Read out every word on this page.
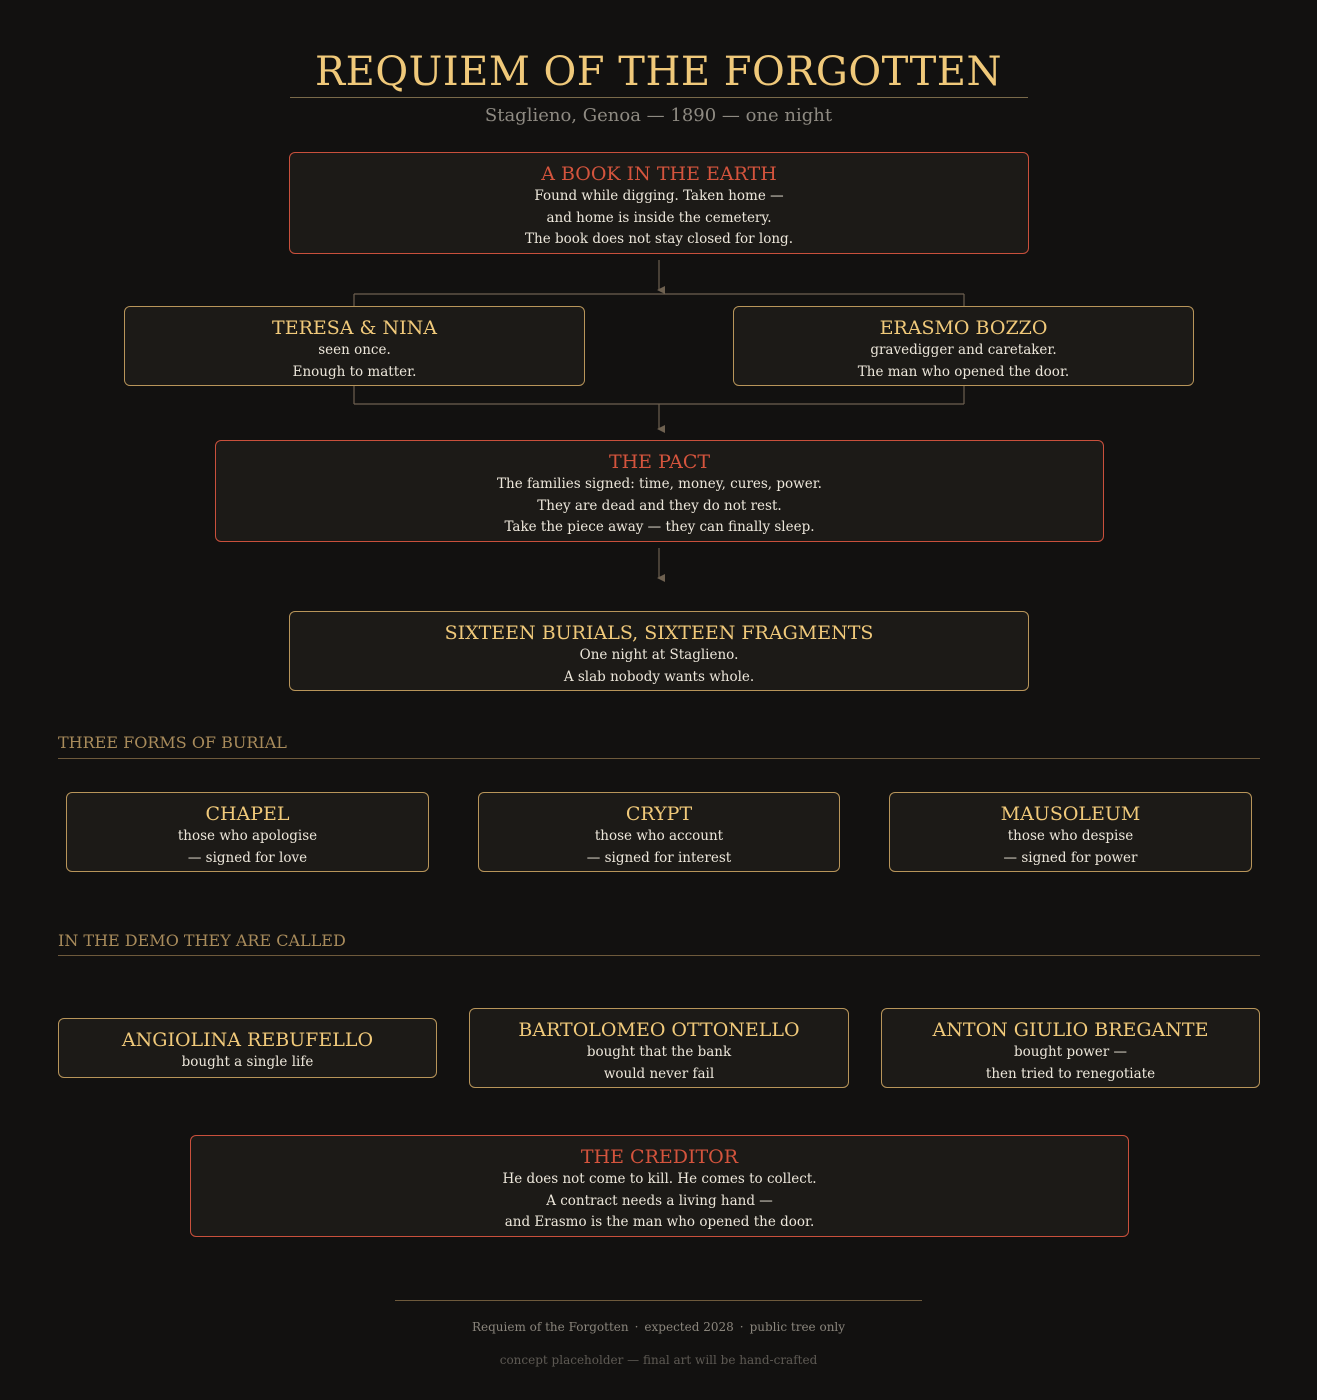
REQUIEM OF THE FORGOTTEN
Staglieno, Genoa — 1890 — one night
A BOOK IN THE EARTH
Found while digging. Taken home —
and home is inside the cemetery.
The book does not stay closed for long.
TERESA & NINA
seen once.
Enough to matter.
ERASMO BOZZO
gravedigger and caretaker.
The man who opened the door.
THE PACT
The families signed: time, money, cures, power.
They are dead and they do not rest.
Take the piece away — they can finally sleep.
SIXTEEN BURIALS, SIXTEEN FRAGMENTS
One night at Staglieno.
A slab nobody wants whole.
THREE FORMS OF BURIAL
CHAPEL
those who apologise
— signed for love
CRYPT
those who account
— signed for interest
MAUSOLEUM
those who despise
— signed for power
IN THE DEMO THEY ARE CALLED
ANGIOLINA REBUFELLO
bought a single life
BARTOLOMEO OTTONELLO
bought that the bank
would never fail
ANTON GIULIO BREGANTE
bought power —
then tried to renegotiate
THE CREDITOR
He does not come to kill. He comes to collect.
A contract needs a living hand —
and Erasmo is the man who opened the door.
Requiem of the Forgotten · expected 2028 · public tree only
concept placeholder — final art will be hand-crafted
